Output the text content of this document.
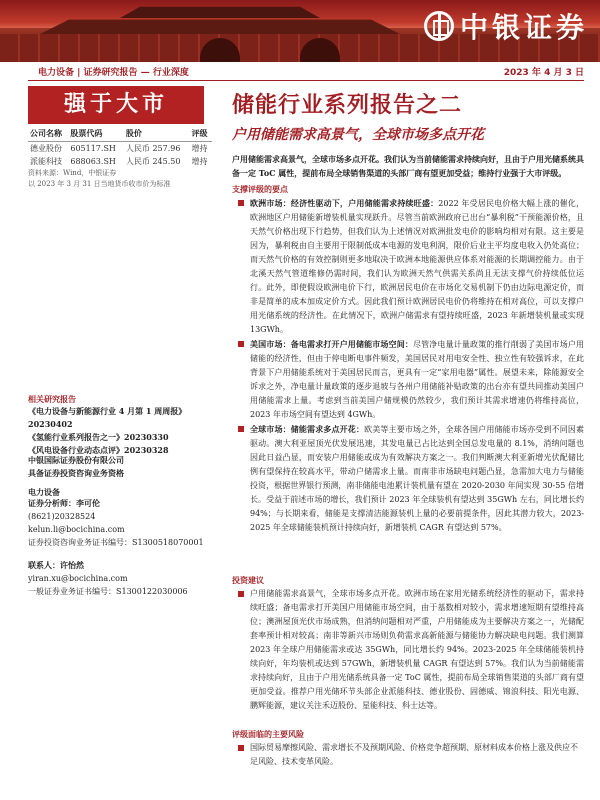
中银证券
电力设备 | 证券研究报告 — 行业深度	2023 年 4 月 3 日
强于大市	储能行业系列报告之二
户用储能需求高景气，全球市场多点开花
公司名称	股票代码	股价	评级
德业股份	605117.SH	人民币 257.96	增持
派能科技	688063.SH	人民币 245.50	增持
资料来源：Wind，中银证券
以 2023 年 3 月 31 日当地货币收市价为标准
相关研究报告
《电力设备与新能源行业 4 月第 1 周周报》20230402
《氢能行业系列报告之一》20230330
《风电设备行业动态点评》20230328
中银国际证券股份有限公司
具备证券投资咨询业务资格
电力设备
证券分析师：李可伦
(8621)20328524
kelun.li@bocichina.com
证券投资咨询业务证书编号：S1300518070001
联系人：许怡然
yiran.xu@bocichina.com
一般证券业务证书编号：S1300122030006

户用储能需求高景气，全球市场多点开花。我们认为当前储能需求持续向好，且由于户用光储系统具备一定 ToC 属性，提前布局全球销售渠道的头部厂商有望更加受益；维持行业强于大市评级。

支撑评级的要点
欧洲市场：经济性驱动下，户用储能需求持续旺盛：2022 年受居民电价格大幅上涨的催化，欧洲地区户用储能新增装机量实现跃升。尽管当前欧洲政府已出台“暴利税”干预能源价格，且天然气价格出现下行趋势，但我们认为上述情况对欧洲批发电价的影响均相对有限。这主要是因为，暴利税由自主要用于限制低成本电源的发电利润，限价后业主平均度电收入仍处高位；而天然气价格的有效控制则更多地取决于欧洲本地能源供应体系对能源的长期调控能力。由于北溪天然气管道维修仍需时间，我们认为欧洲天然气供需关系尚且无法支撑气价持续低位运行。此外，即使假设欧洲电价下行，欧洲居民电价在市场化交易机制下仍由边际电源定价，而非是简单的成本加成定价方式。因此我们预计欧洲居民电价仍将维持在相对高位，可以支撑户用光储系统的经济性。在此情况下，欧洲户储需求有望持续旺盛，2023 年新增装机量或实现 13GWh。
美国市场：备电需求打开户用储能市场空间：尽管净电量计量政策的推行削弱了美国市场户用储能的经济性，但由于停电断电事件频发，美国居民对用电安全性、独立性有较强诉求，在此背景下户用储能系统对于美国居民而言，更具有一定“家用电器”属性。展望未来，除能源安全诉求之外，净电量计量政策的逐步退坡与各州户用储能补贴政策的出台亦有望共同推动美国户用储能需求上量。考虑到当前美国户储规模仍然较少，我们预计其需求增速仍将维持高位，2023 年市场空间有望达到 4GWh。
全球市场：储能需求多点开花：欧美等主要市场之外，全球各国户用储能市场亦受到不同因素驱动。澳大利亚屋顶光伏发展迅速，其发电量已占比达到全国总发电量的 8.1%，消纳问题也因此日益凸显，而安装户用储能或成为有效解决方案之一。我们判断澳大利亚新增光伏配储比例有望保持在较高水平，带动户储需求上量。而南非市场缺电问题凸显，急需加大电力与储能投资，根据世界银行预测，南非储能电池累计装机量有望在 2020-2030 年间实现 30-55 倍增长。受益于前述市场的增长，我们预计 2023 年全球装机有望达到 35GWh 左右，同比增长约 94%；与长期来看，储能是支撑清洁能源装机上量的必要前提条件，因此其潜力较大，2023-2025 年全球储能装机预计持续向好，新增装机 CAGR 有望达到 57%。
投资建议
户用储能需求高景气，全球市场多点开花。欧洲市场在家用光储系统经济性的驱动下，需求持续旺盛；备电需求打开美国户用储能市场空间，由于基数相对较小，需求增速短期有望维持高位；澳洲屋顶光伏市场成熟，但消纳问题相对严重，户用储能成为主要解决方案之一，光储配套率预计相对较高；南非等新兴市场则负荷需求高新能源与储能协力解决缺电问题。我们测算 2023 年全球户用储能需求或达 35GWh，同比增长约 94%。2023-2025 年全球储能装机持续向好，年均装机或达到 57GWh，新增装机量 CAGR 有望达到 57%。我们认为当前储能需求持续向好，且由于户用光储系统具备一定 ToC 属性，提前布局全球销售渠道的头部厂商有望更加受益。推荐户用光储环节头部企业派能科技、德业股份、固德威、锦浪科技、阳光电源、鹏辉能源，建议关注禾迈股份、星能科技、科士达等。
评级面临的主要风险
国际贸易摩擦风险、需求增长不及预期风险、价格竞争超预期、原材料成本价格上涨及供应不足风险、技术变革风险。
